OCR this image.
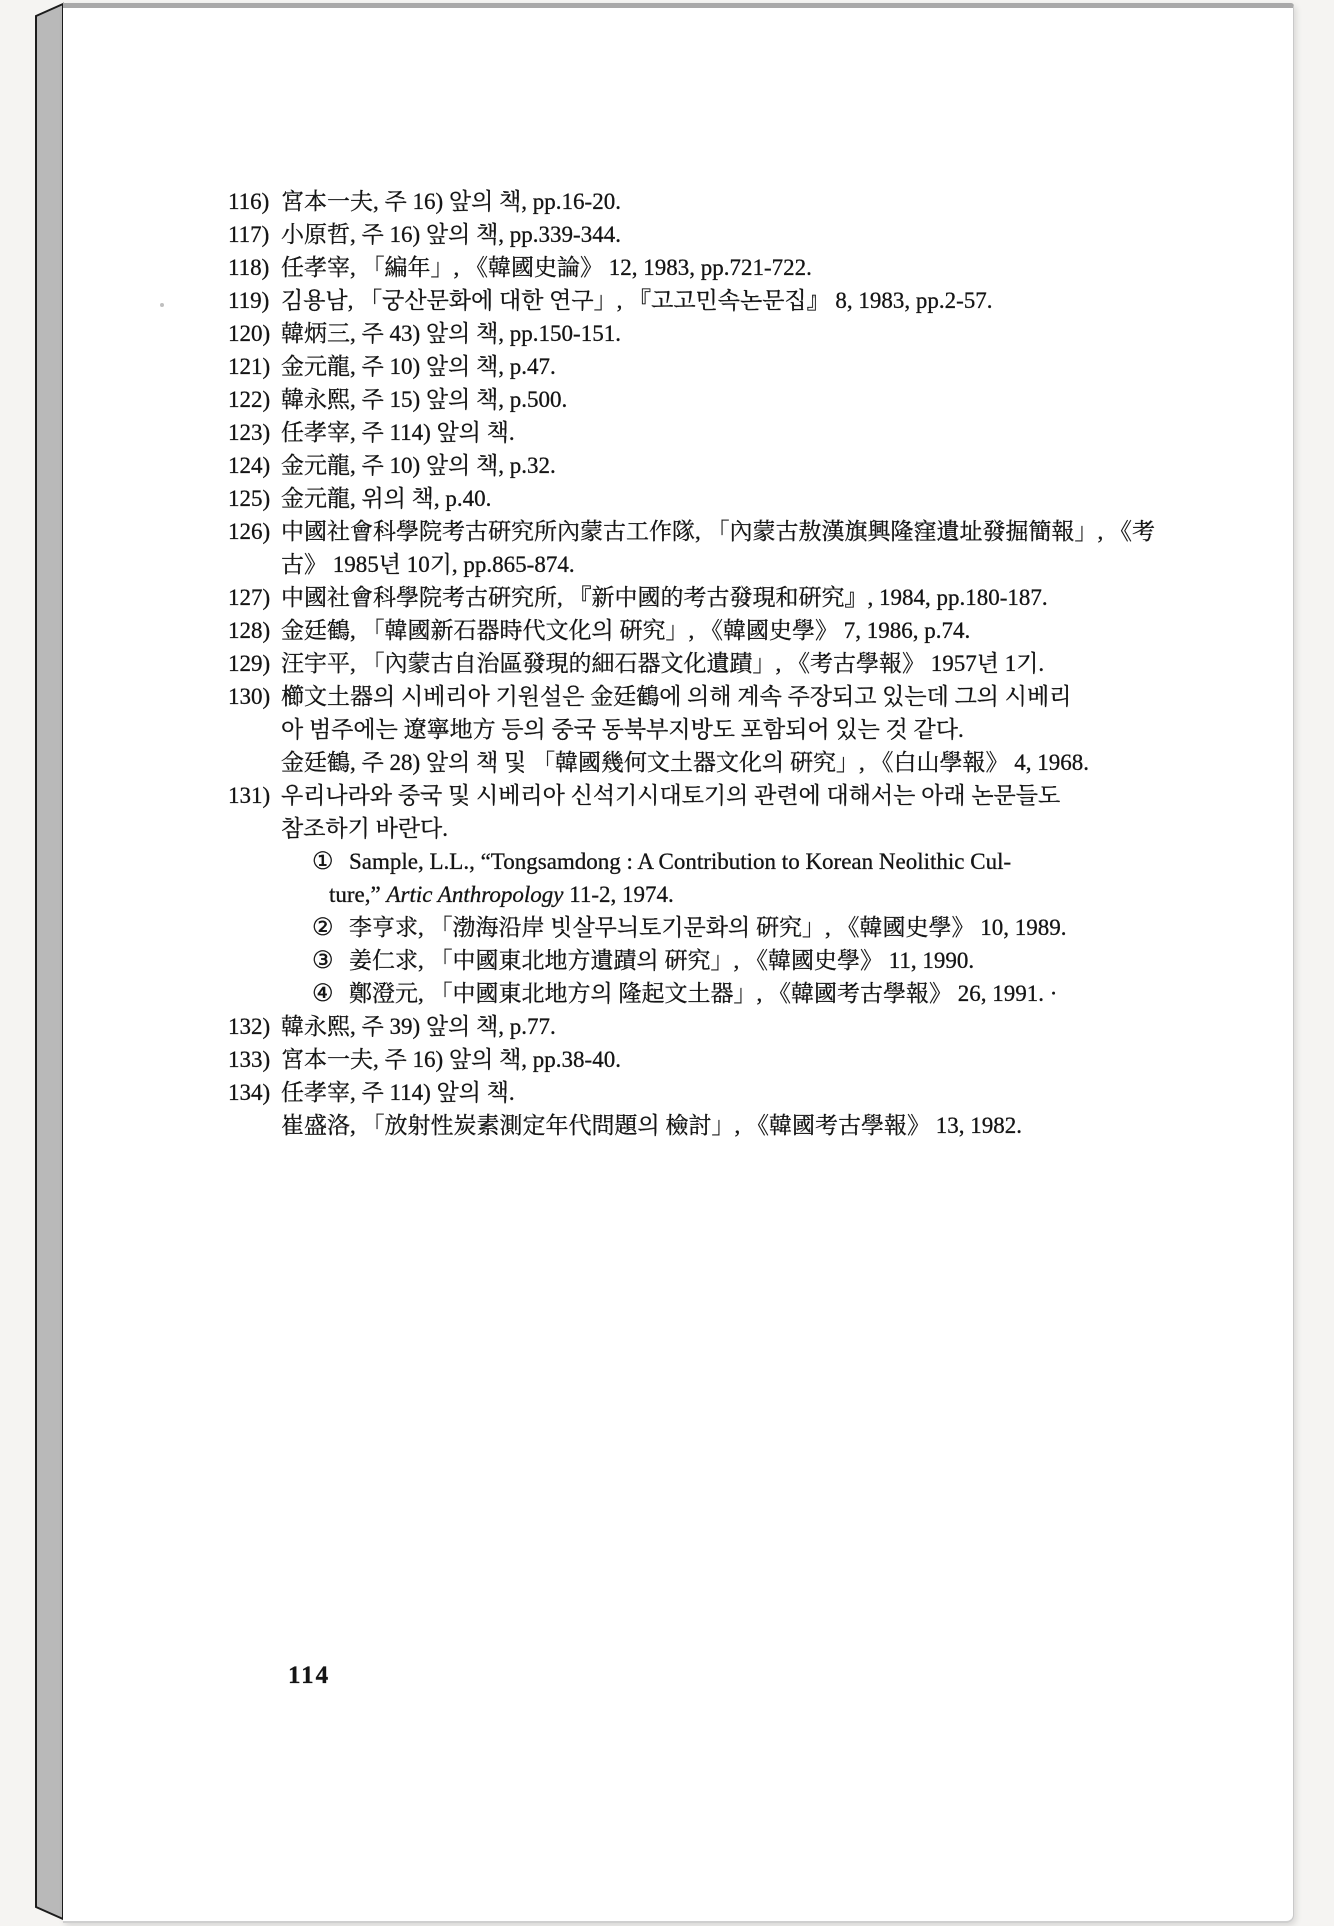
116) 宮本一夫, 주 16) 앞의 책, pp.16-20.
117) 小原哲, 주 16) 앞의 책, pp.339-344.
118) 任孝宰, 「編年」, 《韓國史論》 12, 1983, pp.721-722.
119) 김용남, 「궁산문화에 대한 연구」, 『고고민속논문집』 8, 1983, pp.2-57.
120) 韓炳三, 주 43) 앞의 책, pp.150-151.
121) 金元龍, 주 10) 앞의 책, p.47.
122) 韓永熙, 주 15) 앞의 책, p.500.
123) 任孝宰, 주 114) 앞의 책.
124) 金元龍, 주 10) 앞의 책, p.32.
125) 金元龍, 위의 책, p.40.
126) 中國社會科學院考古硏究所內蒙古工作隊, 「內蒙古敖漢旗興隆窪遺址發掘簡報」, 《考
古》 1985년 10기, pp.865-874.
127) 中國社會科學院考古硏究所, 『新中國的考古發現和硏究』, 1984, pp.180-187.
128) 金廷鶴, 「韓國新石器時代文化의 硏究」, 《韓國史學》 7, 1986, p.74.
129) 汪宇平, 「內蒙古自治區發現的細石器文化遺蹟」, 《考古學報》 1957년 1기.
130) 櫛文土器의 시베리아 기원설은 金廷鶴에 의해 계속 주장되고 있는데 그의 시베리
아 범주에는 遼寧地方 등의 중국 동북부지방도 포함되어 있는 것 같다.
金廷鶴, 주 28) 앞의 책 및 「韓國幾何文土器文化의 硏究」, 《白山學報》 4, 1968.
131) 우리나라와 중국 및 시베리아 신석기시대토기의 관련에 대해서는 아래 논문들도
참조하기 바란다.
① Sample, L.L., “Tongsamdong : A Contribution to Korean Neolithic Cul-
ture,” Artic Anthropology 11-2, 1974.
② 李亨求, 「渤海沿岸 빗살무늬토기문화의 硏究」, 《韓國史學》 10, 1989.
③ 姜仁求, 「中國東北地方遺蹟의 硏究」, 《韓國史學》 11, 1990.
④ 鄭澄元, 「中國東北地方의 隆起文土器」, 《韓國考古學報》 26, 1991. ·
132) 韓永熙, 주 39) 앞의 책, p.77.
133) 宮本一夫, 주 16) 앞의 책, pp.38-40.
134) 任孝宰, 주 114) 앞의 책.
崔盛洛, 「放射性炭素測定年代問題의 檢討」, 《韓國考古學報》 13, 1982.
114
